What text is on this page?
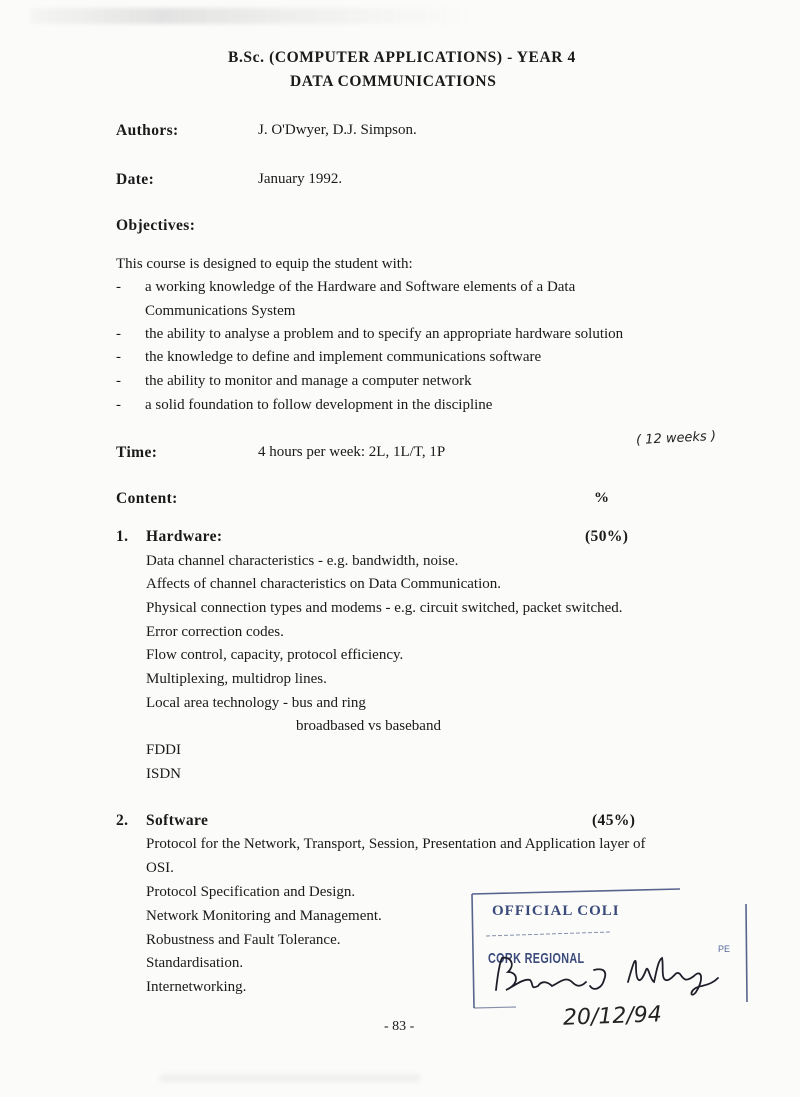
B.Sc. (COMPUTER APPLICATIONS) - YEAR 4
DATA COMMUNICATIONS
Authors:	J. O'Dwyer, D.J. Simpson.
Date:	January 1992.
Objectives:
This course is designed to equip the student with:
- a working knowledge of the Hardware and Software elements of a Data
Communications System
- the ability to analyse a problem and to specify an appropriate hardware solution
- the knowledge to define and implement communications software
- the ability to monitor and manage a computer network
- a solid foundation to follow development in the discipline
Time:	4 hours per week: 2L, 1L/T, 1P
( 12 weeks )
Content:	%
1. Hardware:	(50%)
Data channel characteristics - e.g. bandwidth, noise.
Affects of channel characteristics on Data Communication.
Physical connection types and modems - e.g. circuit switched, packet switched.
Error correction codes.
Flow control, capacity, protocol efficiency.
Multiplexing, multidrop lines.
Local area technology - bus and ring
broadbased vs baseband
FDDI
ISDN
2. Software	(45%)
Protocol for the Network, Transport, Session, Presentation and Application layer of
OSI.
Protocol Specification and Design.
Network Monitoring and Management.
Robustness and Fault Tolerance.
Standardisation.
Internetworking.
OFFICIAL COLI
CORK REGIONAL
PE
20/12/94
- 83 -
